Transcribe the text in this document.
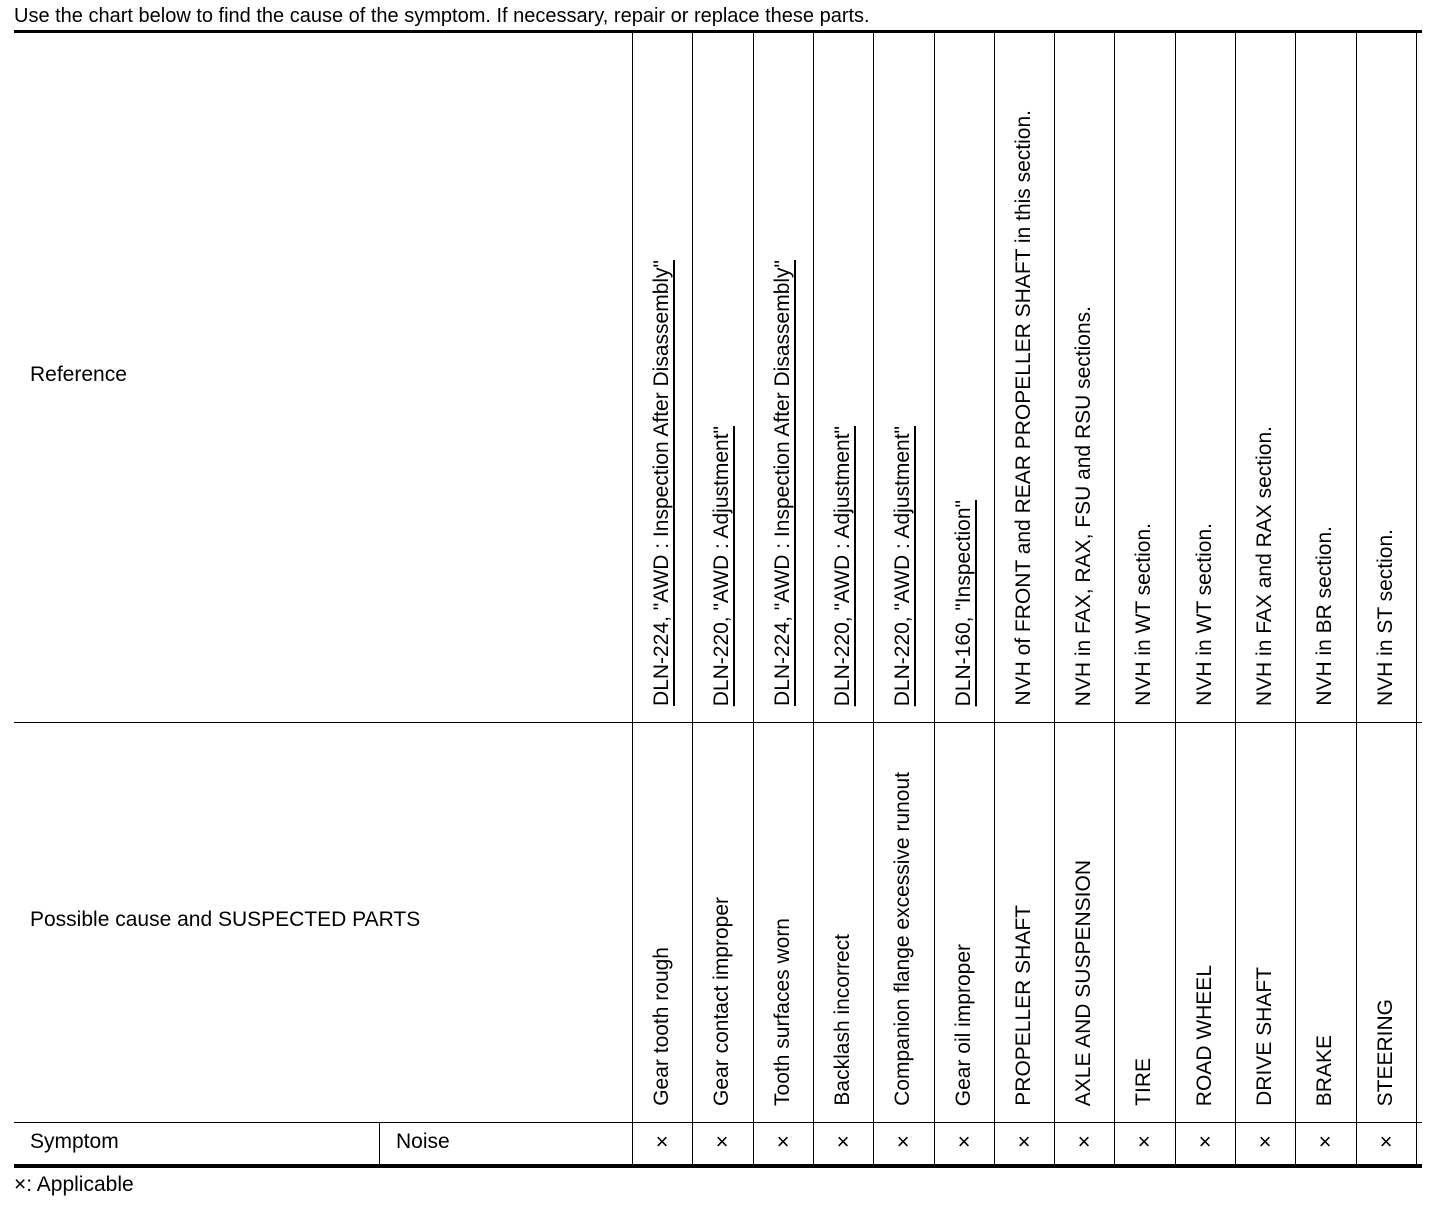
Use the chart below to find the cause of the symptom. If necessary, repair or replace these parts.
Reference
Possible cause and SUSPECTED PARTS
Symptom	Noise
DLN-224, "AWD : Inspection After Disassembly"
Gear tooth rough
×
DLN-220, "AWD : Adjustment"
Gear contact improper
×
DLN-224, "AWD : Inspection After Disassembly"
Tooth surfaces worn
×
DLN-220, "AWD : Adjustment"
Backlash incorrect
×
DLN-220, "AWD : Adjustment"
Companion flange excessive runout
×
DLN-160, "Inspection"
Gear oil improper
×
NVH of FRONT and REAR PROPELLER SHAFT in this section.
PROPELLER SHAFT
×
NVH in FAX, RAX, FSU and RSU sections.
AXLE AND SUSPENSION
×
NVH in WT section.
TIRE
×
NVH in WT section.
ROAD WHEEL
×
NVH in FAX and RAX section.
DRIVE SHAFT
×
NVH in BR section.
BRAKE
×
NVH in ST section.
STEERING
×
×: Applicable
